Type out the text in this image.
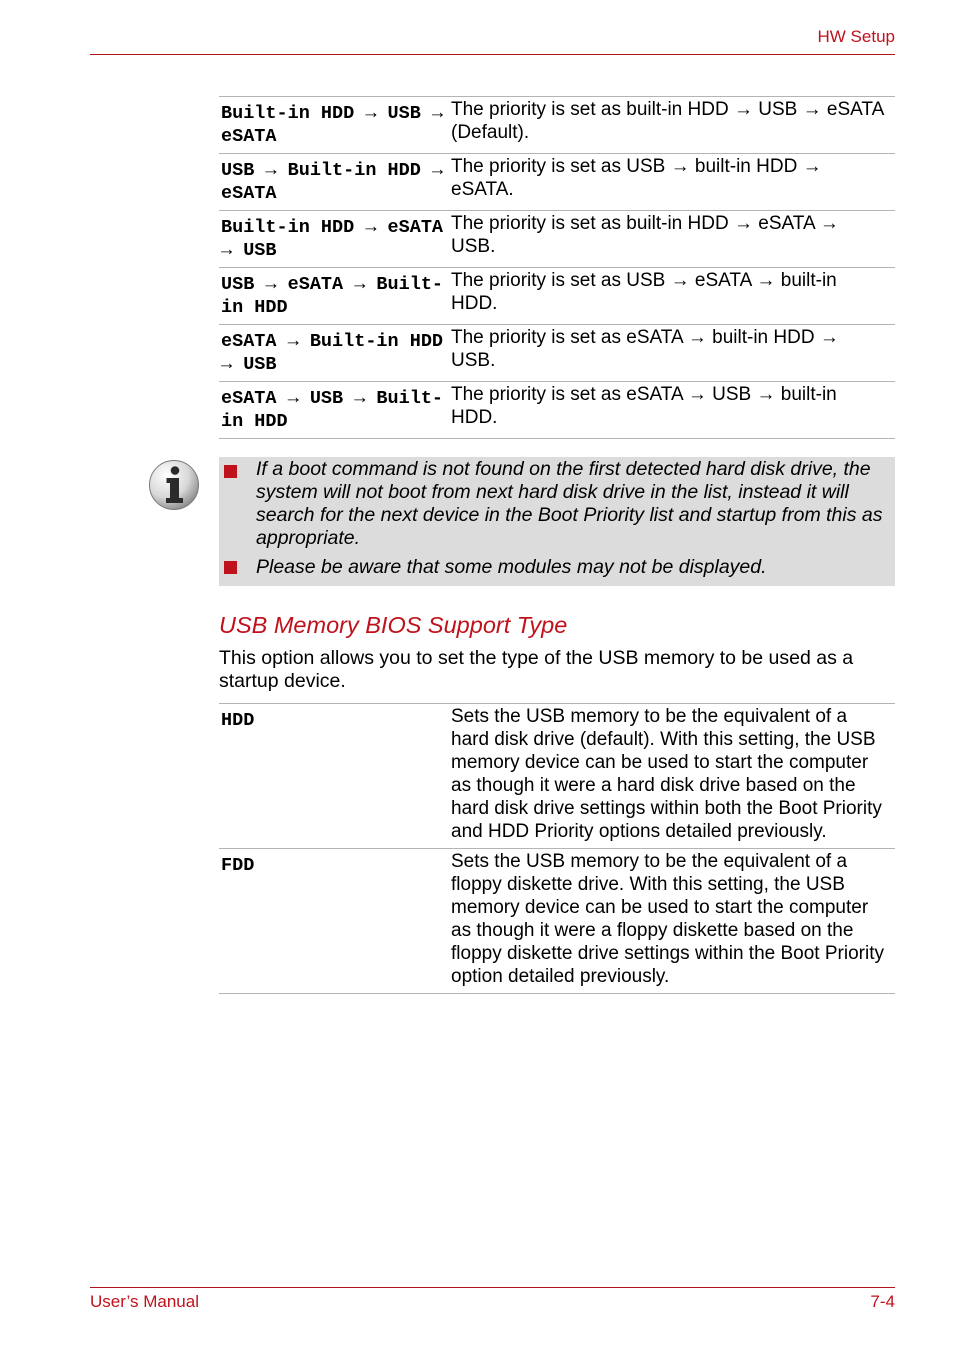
HW Setup
Built-in HDD → USB → eSATA	The priority is set as built-in HDD → USB → eSATA (Default).
USB → Built-in HDD → eSATA	The priority is set as USB → built-in HDD → eSATA.
Built-in HDD → eSATA → USB	The priority is set as built-in HDD → eSATA → USB.
USB → eSATA → Built-in HDD	The priority is set as USB → eSATA → built-in HDD.
eSATA → Built-in HDD → USB	The priority is set as eSATA → built-in HDD → USB.
eSATA → USB → Built-in HDD	The priority is set as eSATA → USB → built-in HDD.
If a boot command is not found on the first detected hard disk drive, the system will not boot from next hard disk drive in the list, instead it will search for the next device in the Boot Priority list and startup from this as appropriate.
Please be aware that some modules may not be displayed.
USB Memory BIOS Support Type
This option allows you to set the type of the USB memory to be used as a startup device.
HDD	Sets the USB memory to be the equivalent of a hard disk drive (default). With this setting, the USB memory device can be used to start the computer as though it were a hard disk drive based on the hard disk drive settings within both the Boot Priority and HDD Priority options detailed previously.
FDD	Sets the USB memory to be the equivalent of a floppy diskette drive. With this setting, the USB memory device can be used to start the computer as though it were a floppy diskette based on the floppy diskette drive settings within the Boot Priority option detailed previously.
User’s Manual	7-4
